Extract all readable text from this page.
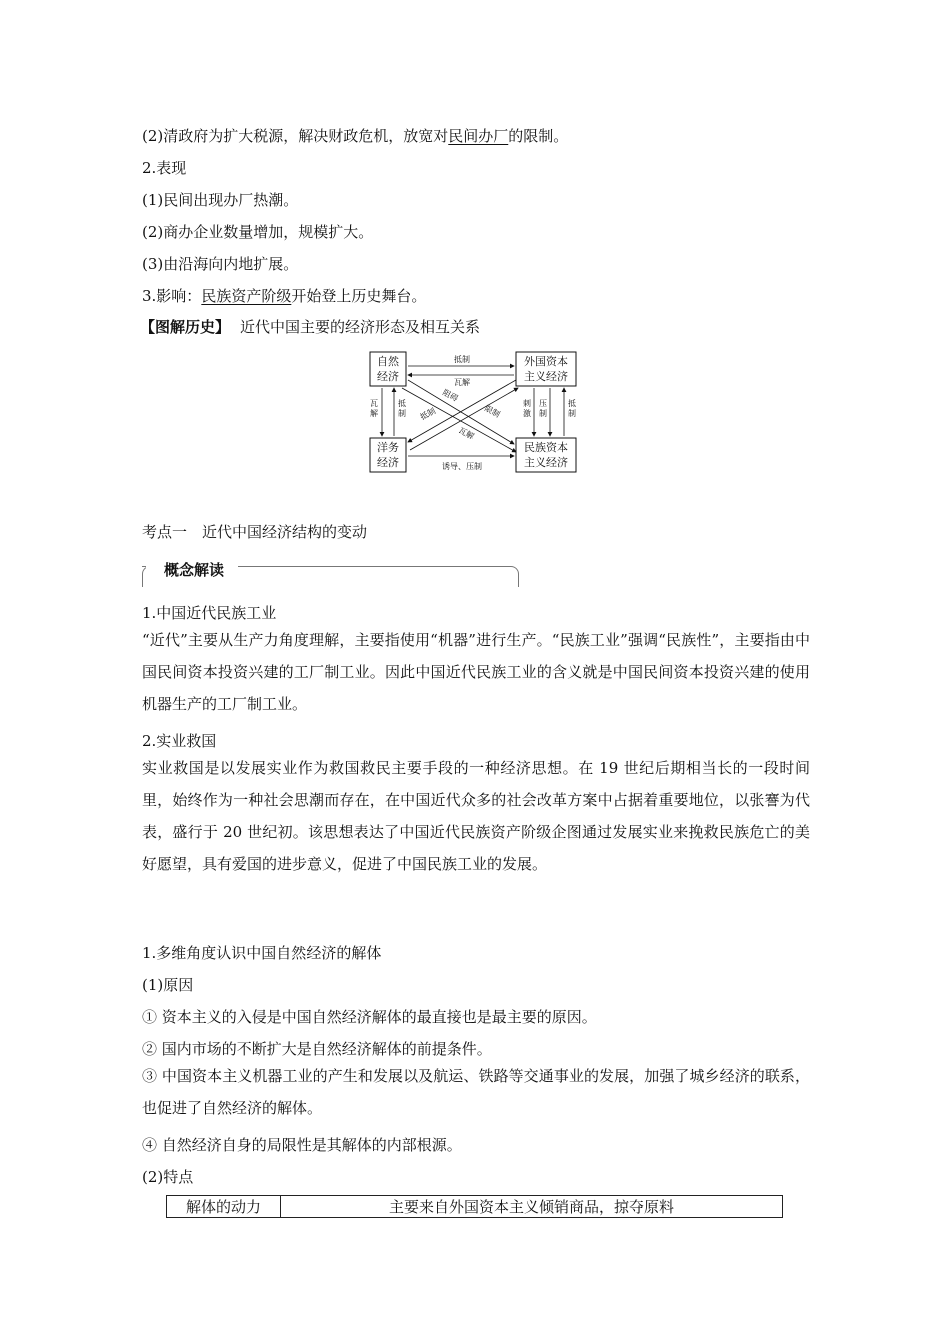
(2)清政府为扩大税源，解决财政危机，放宽对民间办厂的限制。
2.表现
(1)民间出现办厂热潮。
(2)商办企业数量增加，规模扩大。
(3)由沿海向内地扩展。
3.影响：民族资产阶级开始登上历史舞台。
【图解历史】 近代中国主要的经济形态及相互关系
自然
经济
外国资本
主义经济
洋务
经济
民族资本
主义经济
抵制
瓦解
瓦
解
抵
制
刺
激
压
制
抵
制
阻碍
抵制	限制
瓦解
诱导、压制
考点一　近代中国经济结构的变动
概念解读
1.中国近代民族工业
“近代”主要从生产力角度理解，主要指使用“机器”进行生产。“民族工业”强调“民族性”，主要指由中国民间资本投资兴建的工厂制工业。因此中国近代民族工业的含义就是中国民间资本投资兴建的使用机器生产的工厂制工业。
2.实业救国
实业救国是以发展实业作为救国救民主要手段的一种经济思想。在 19 世纪后期相当长的一段时间里，始终作为一种社会思潮而存在，在中国近代众多的社会改革方案中占据着重要地位，以张謇为代表，盛行于 20 世纪初。该思想表达了中国近代民族资产阶级企图通过发展实业来挽救民族危亡的美好愿望，具有爱国的进步意义，促进了中国民族工业的发展。
1.多维角度认识中国自然经济的解体
(1)原因
① 资本主义的入侵是中国自然经济解体的最直接也是最主要的原因。
② 国内市场的不断扩大是自然经济解体的前提条件。
③ 中国资本主义机器工业的产生和发展以及航运、铁路等交通事业的发展，加强了城乡经济的联系，也促进了自然经济的解体。
④ 自然经济自身的局限性是其解体的内部根源。
(2)特点
解体的动力	主要来自外国资本主义倾销商品，掠夺原料
